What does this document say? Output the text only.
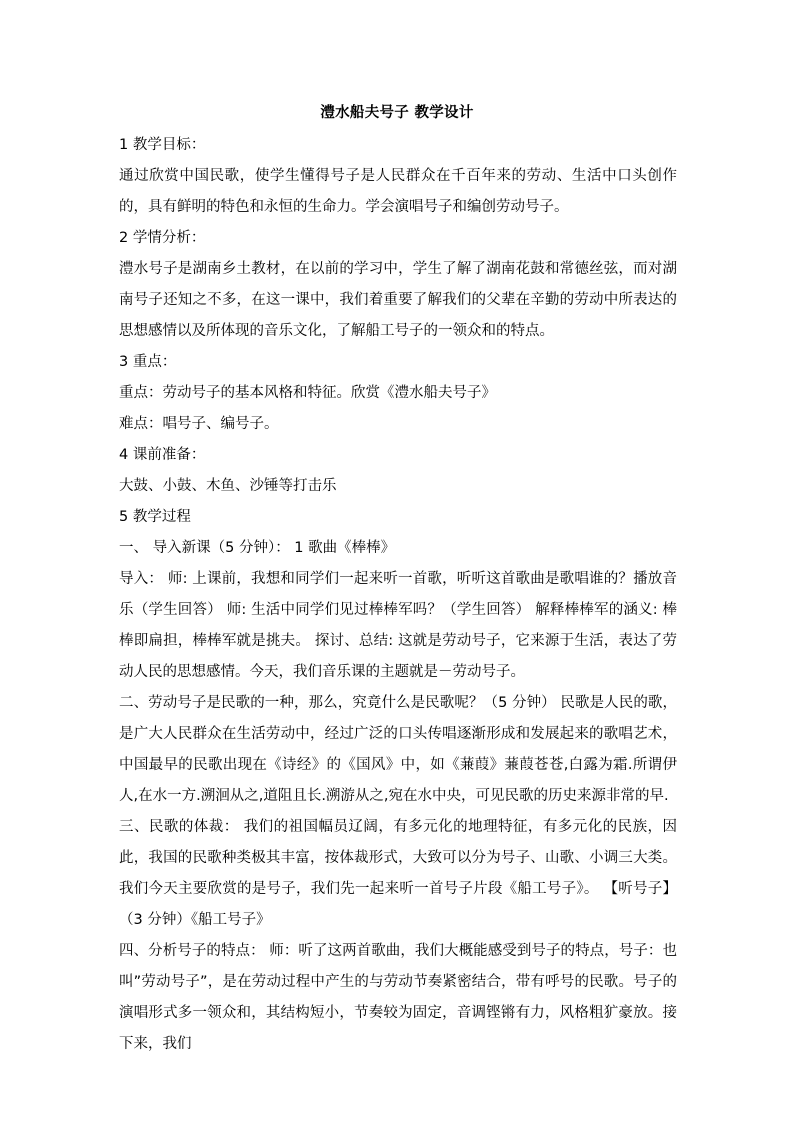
澧水船夫号子 教学设计

1 教学目标：

通过欣赏中国民歌，使学生懂得号子是人民群众在千百年来的劳动、生活中口头创作的，具有鲜明的特色和永恒的生命力。学会演唱号子和编创劳动号子。

2 学情分析：

澧水号子是湖南乡土教材，在以前的学习中，学生了解了湖南花鼓和常德丝弦，而对湖南号子还知之不多，在这一课中，我们着重要了解我们的父辈在辛勤的劳动中所表达的思想感情以及所体现的音乐文化，了解船工号子的一领众和的特点。

3 重点：

重点：劳动号子的基本风格和特征。欣赏《澧水船夫号子》

难点：唱号子、编号子。

4 课前准备：

大鼓、小鼓、木鱼、沙锤等打击乐

5 教学过程

一、 导入新课（5 分钟）： 1 歌曲《棒棒》

导入： 师: 上课前，我想和同学们一起来听一首歌，听听这首歌曲是歌唱谁的？播放音乐（学生回答） 师: 生活中同学们见过棒棒军吗？（学生回答） 解释棒棒军的涵义: 棒棒即扁担，棒棒军就是挑夫。 探讨、总结: 这就是劳动号子，它来源于生活，表达了劳动人民的思想感情。今天，我们音乐课的主题就是－劳动号子。

二、劳动号子是民歌的一种，那么，究竟什么是民歌呢？（5 分钟） 民歌是人民的歌，是广大人民群众在生活劳动中，经过广泛的口头传唱逐渐形成和发展起来的歌唱艺术，中国最早的民歌出现在《诗经》的《国风》中，如《蒹葭》蒹葭苍苍,白露为霜.所谓伊人,在水一方.溯洄从之,道阻且长.溯游从之,宛在水中央，可见民歌的历史来源非常的早.

三、民歌的体裁： 我们的祖国幅员辽阔，有多元化的地理特征，有多元化的民族，因此，我国的民歌种类极其丰富，按体裁形式，大致可以分为号子、山歌、小调三大类。我们今天主要欣赏的是号子，我们先一起来听一首号子片段《船工号子》。 【听号子】（3 分钟）《船工号子》

四、分析号子的特点： 师：听了这两首歌曲，我们大概能感受到号子的特点，号子：也叫”劳动号子”，是在劳动过程中产生的与劳动节奏紧密结合，带有呼号的民歌。号子的演唱形式多一领众和，其结构短小，节奏较为固定，音调铿锵有力，风格粗犷豪放。接下来，我们
